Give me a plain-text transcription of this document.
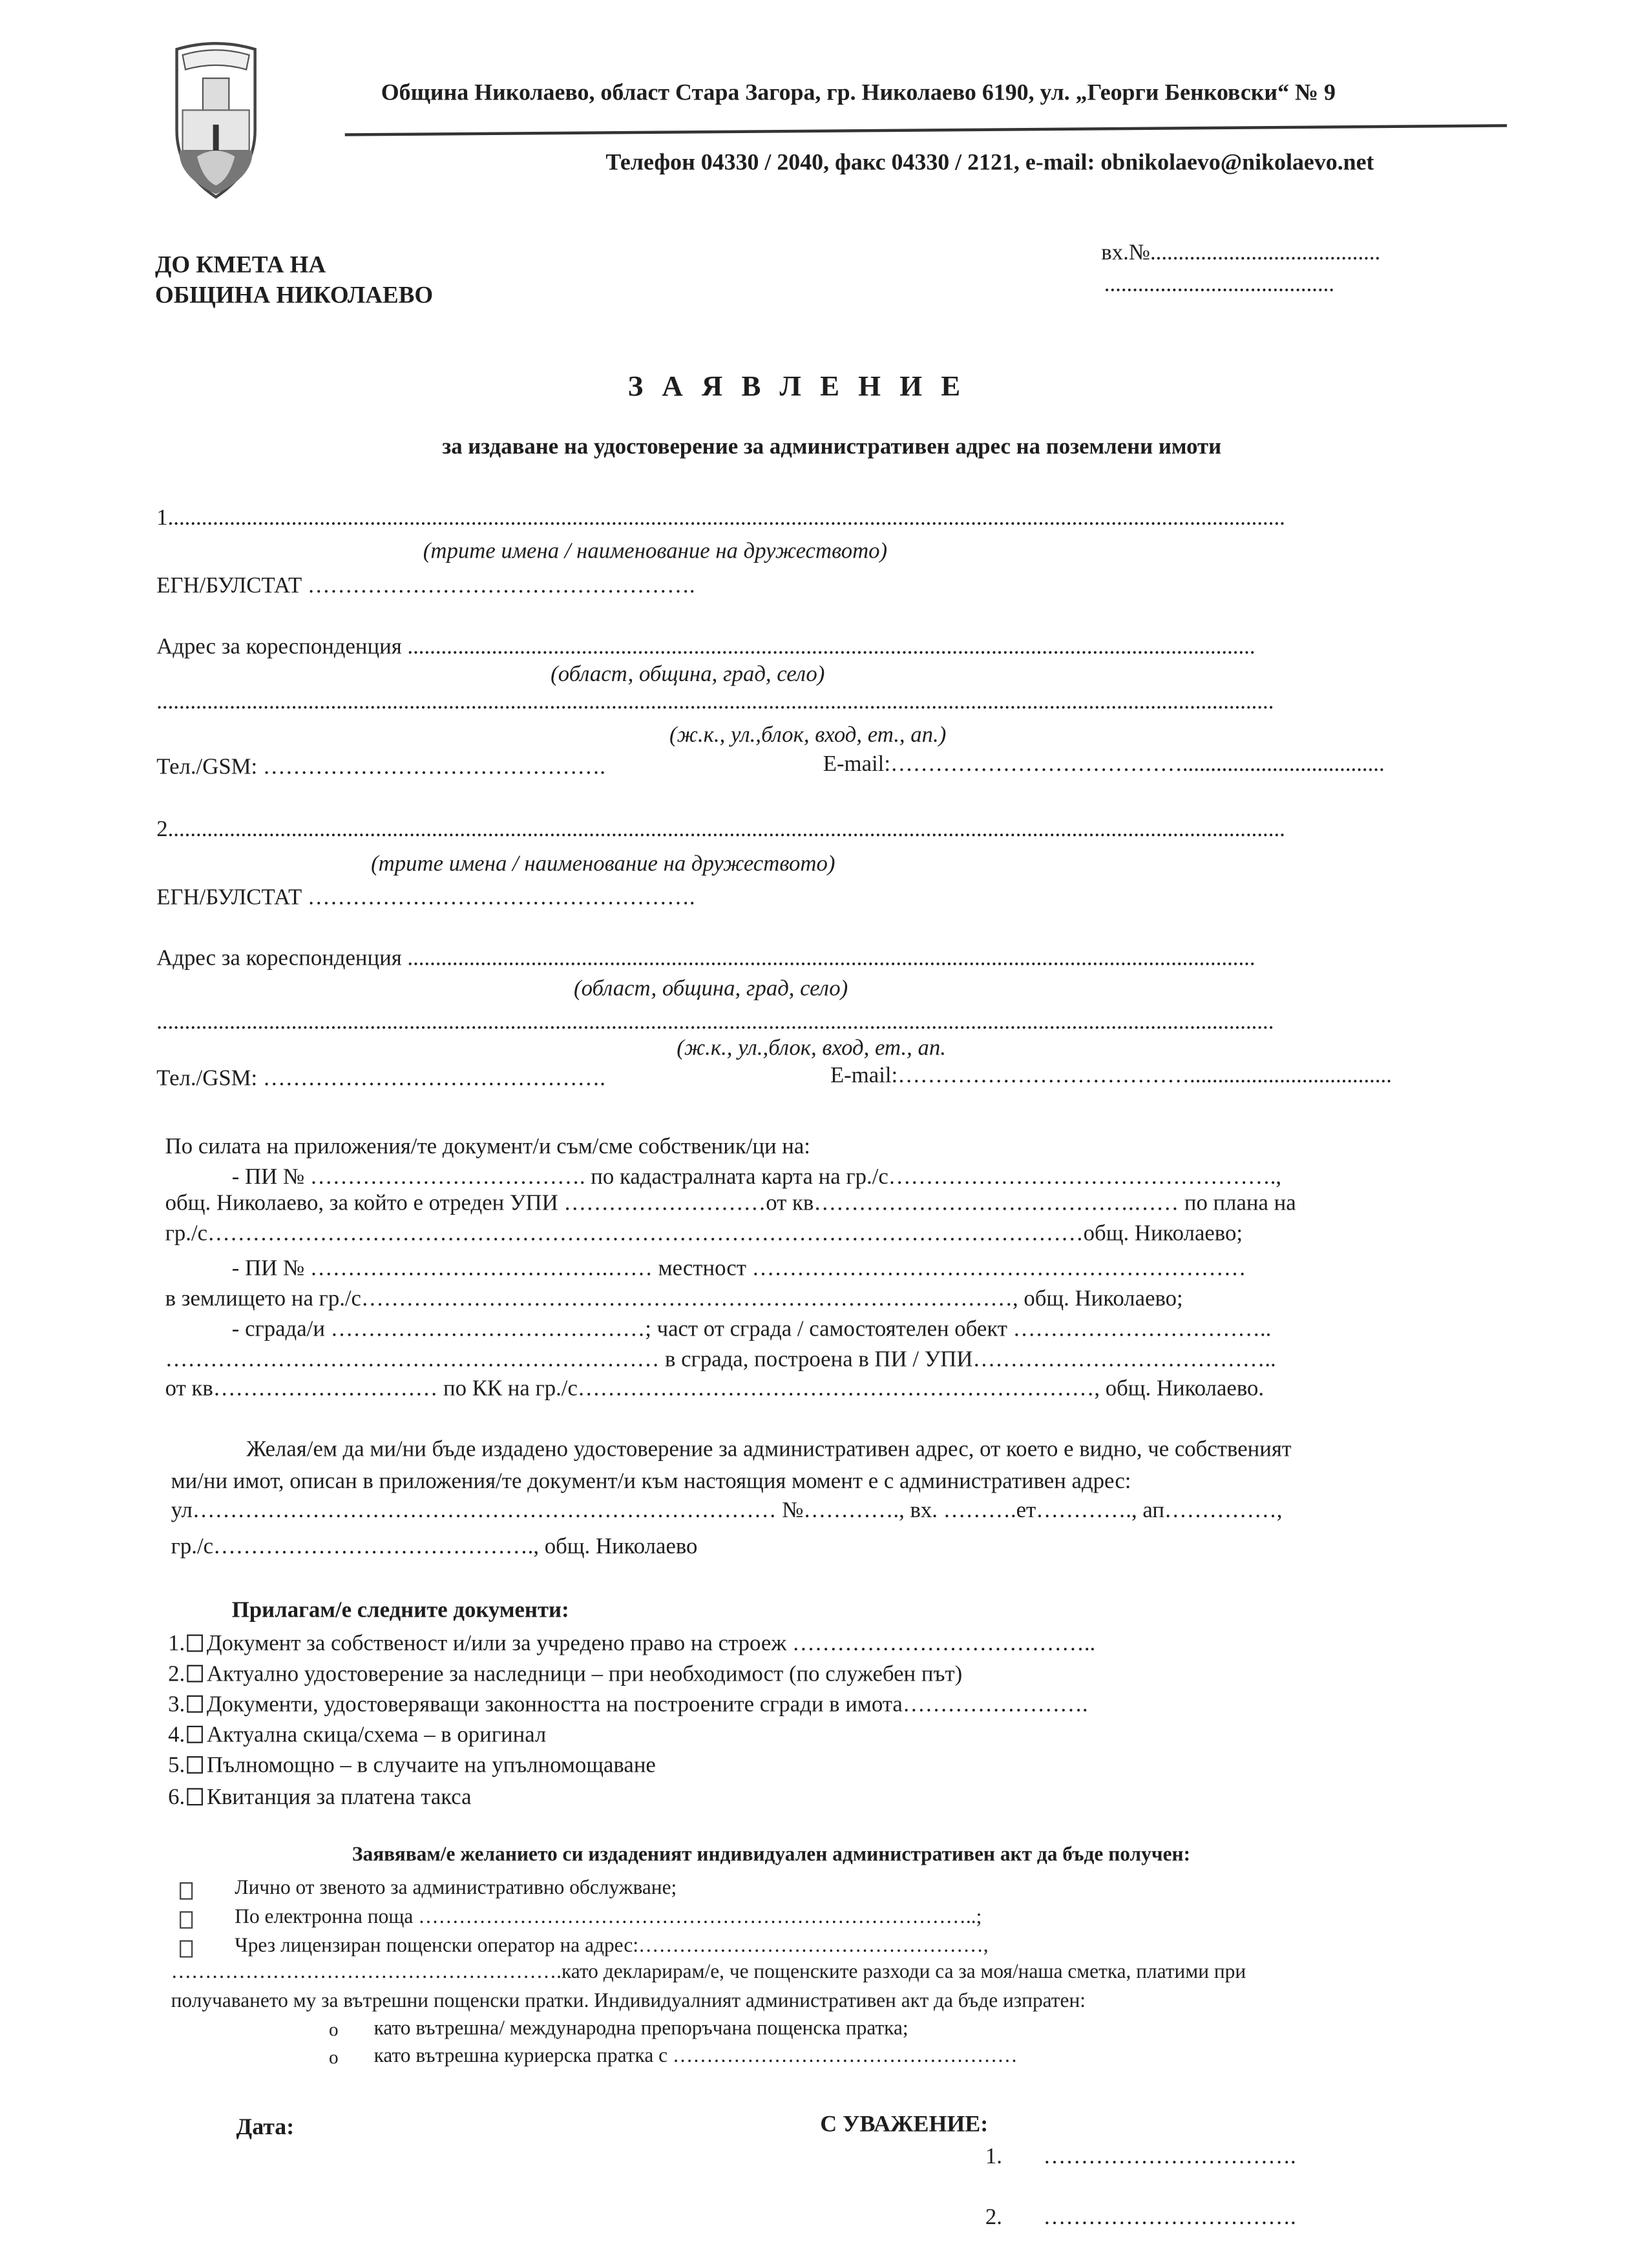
Община Николаево, област Стара Загора, гр. Николаево 6190, ул. „Георги Бенковски“ № 9
Телефон 04330 / 2040, факс 04330 / 2121, e-mail: obnikolaevo@nikolaevo.net
ДО КМЕТА НА
ОБЩИНА НИКОЛАЕВО
вх.№.........................................
.........................................
З А Я В Л Е Н И Е
за издаване на удостоверение за административен адрес на поземлени имоти
1.......................................................................................................................................................................................................
(трите имена / наименование на дружеството)
ЕГН/БУЛСТАТ …………………………………………….
Адрес за кореспонденция .......................................................................................................................................................
(област, община, град, село)
.......................................................................................................................................................................................................
(ж.к., ул.,блок, вход, ет., ап.)
Тел./GSM: ……………………………………….	E-mail:…………………………………....................................
2.......................................................................................................................................................................................................
(трите имена / наименование на дружеството)
ЕГН/БУЛСТАТ …………………………………………….
Адрес за кореспонденция .......................................................................................................................................................
(област, община, град, село)
.......................................................................................................................................................................................................
(ж.к., ул.,блок, вход, ет., ап.
Тел./GSM: ……………………………………….	E-mail:…………………………………....................................
По силата на приложения/те документ/и съм/сме собственик/ци на:
- ПИ № ………………………………. по кадастралната карта на гр./с…………………………………………….,
общ. Николаево, за който е отреден УПИ ………………………от кв…………………………………….…… по плана на
гр./с………………………………………………………………………………………………………общ. Николаево;
- ПИ № ………………………………….…… местност …………………………………………………………
в землището на гр./с……………………………………………………………………………, общ. Николаево;
- сграда/и ……………………………………; част от сграда / самостоятелен обект ……………………………..
………………………………………………………… в сграда, построена в ПИ / УПИ…………………………………..
от кв………………………… по КК на гр./с……………………………………………………………, общ. Николаево.
Желая/ем да ми/ни бъде издадено удостоверение за административен адрес, от което е видно, че собственият
ми/ни имот, описан в приложения/те документ/и към настоящия момент е с административен адрес:
ул…………………………………………………………………… №…………., вх. ……….ет…………., ап……………,
гр./с……………………………………., общ. Николаево
Прилагам/е следните документи:
1. Документ за собственост и/или за учредено право на строеж …………………………………..
2. Актуално удостоверение за наследници – при необходимост (по служебен път)
3. Документи, удостоверяващи законността на построените сгради в имота…………………….
4. Актуална скица/схема – в оригинал
5. Пълномощно – в случаите на упълномощаване
6. Квитанция за платена такса
Заявявам/е желанието си издаденият индивидуален административен акт да бъде получен:
Лично от звеното за административно обслужване;
По електронна поща ………………………………………………………………………..;
Чрез лицензиран пощенски оператор на адрес:……………………………………………,
………………………………………………….като декларирам/е, че пощенските разходи са за моя/наша сметка, платими при
получаването му за вътрешни пощенски пратки. Индивидуалният административен акт да бъде изпратен:
o	като вътрешна/ международна препоръчана пощенска пратка;
o	като вътрешна куриерска пратка с ……………………………………………
Дата:	С УВАЖЕНИЕ:
1.	…………………………….
2.	…………………………….
